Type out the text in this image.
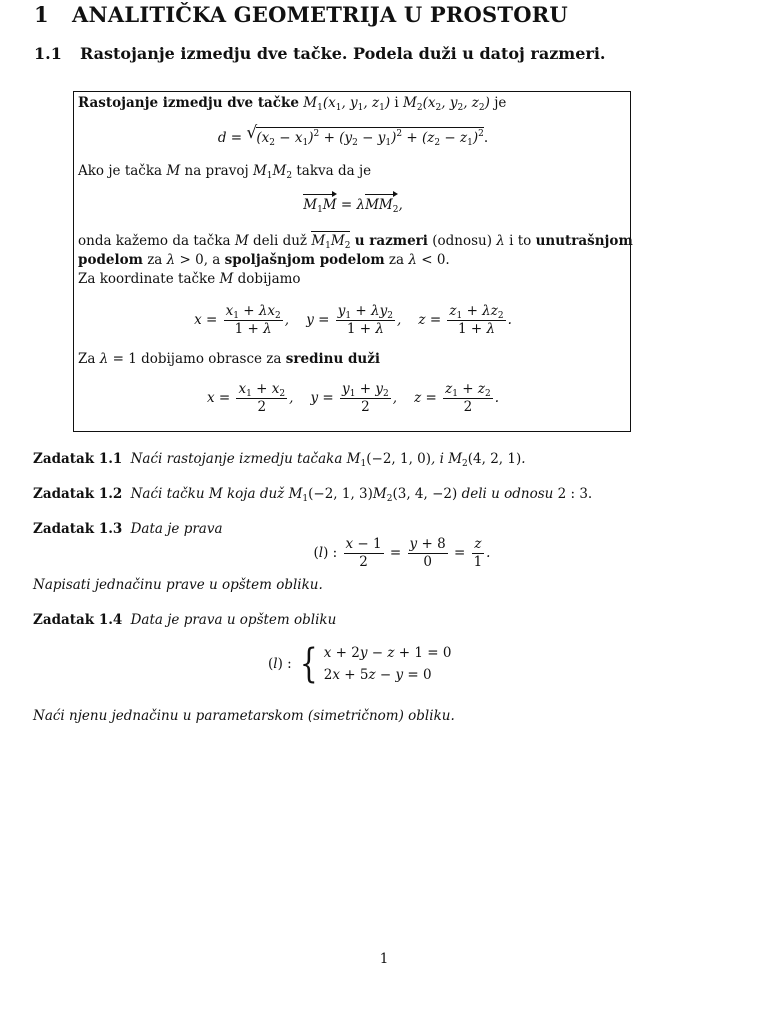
1 ANALITIČKA GEOMETRIJA U PROSTORU
1.1 Rastojanje izmedju dve tačke. Podela duži u datoj razmeri.
Rastojanje izmedju dve tačke $M_1(x_1$, $y_1$, $z_1$) i $M_2(x_2$, $y_2$, $z_2$) je
d = √ $(x_2 - x_1)^2 + (y_2 - y_1)^2 + (z_2 - z_1)^2$.
Ako je tačka M na pravoj $M_1M_2$ takva da je
$M_1M = \lambda$
$MM_2$,
onda kažemo da tačka M deli duž $M_1M_2$ u razmeri (odnosu) λ i to unutrašnjom
podelom za λ > 0, a spoljašnjom podelom za λ < 0.
Za koordinate tačke M dobijamo
$x = \frac{x_1 + \lambda x_2}{1 + \lambda}$ ,    $y = \frac{y_1 + \lambda y_2}{1 + \lambda}$ ,    $z = \frac{z_1 + \lambda z_2}{1 + \lambda}$ .
Za λ = 1 dobijamo obrasce za sredinu duži
$x = \frac{x_1 + x_2}{2}$ ,    $y = \frac{y_1 + y_2}{2}$ ,    $z = \frac{z_1 + z_2}{2}$ .
Zadatak 1.1 Naći rastojanje izmedju tačaka $M_1(-2$, 1, 0), i $M_2(4$, 2, 1).
Zadatak 1.2 Naći tačku M koja duž $M_1(-2$, 1, $3)M_2(3$, 4, −2) deli u odnosu 2 : 3.
Zadatak 1.3 Data je prava
(l) : $\frac{x - 1}{2} = \frac{y + 8}{0} = \frac{z}{1}$ .
Napisati jednačinu prave u opštem obliku.
Zadatak 1.4 Data je prava u opštem obliku
(l) : { x + 2y − z + 1 = 0
2x + 5z − y = 0
Naći njenu jednačinu u parametarskom (simetričnom) obliku.
1
